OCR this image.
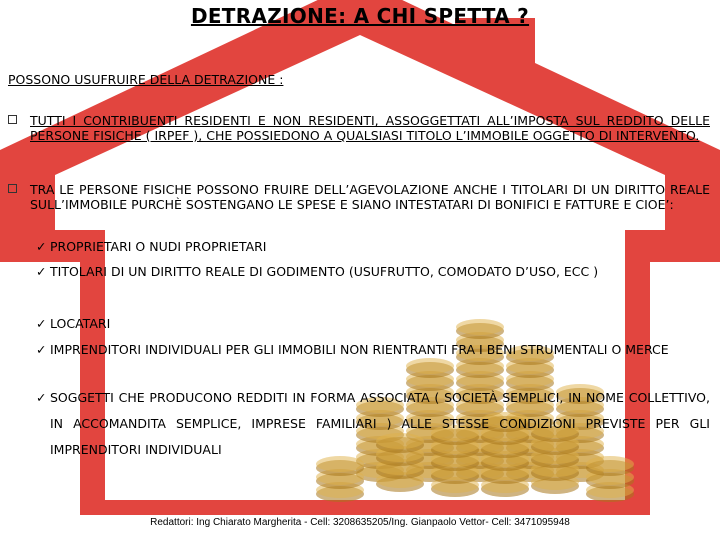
DETRAZIONE: A CHI SPETTA ?
POSSONO USUFRUIRE DELLA DETRAZIONE :
TUTTI I CONTRIBUENTI RESIDENTI E NON RESIDENTI, ASSOGGETTATI ALL’IMPOSTA SUL REDDITO DELLE PERSONE FISICHE ( IRPEF ), CHE POSSIEDONO A QUALSIASI TITOLO L’IMMOBILE OGGETTO DI INTERVENTO.
TRA LE PERSONE FISICHE POSSONO FRUIRE DELL’AGEVOLAZIONE ANCHE I TITOLARI DI UN DIRITTO REALE SULL’IMMOBILE PURCHÈ SOSTENGANO LE SPESE E SIANO INTESTATARI DI BONIFICI E FATTURE E CIOE’:
✓ PROPRIETARI O NUDI PROPRIETARI
✓ TITOLARI DI UN DIRITTO REALE DI GODIMENTO (USUFRUTTO, COMODATO D’USO, ECC )
✓ LOCATARI
✓ IMPRENDITORI INDIVIDUALI PER GLI IMMOBILI NON RIENTRANTI FRA I BENI STRUMENTALI O MERCE
✓ SOGGETTI CHE PRODUCONO REDDITI IN FORMA ASSOCIATA ( SOCIETÀ SEMPLICI, IN NOME COLLETTIVO, IN ACCOMANDITA SEMPLICE, IMPRESE FAMILIARI ) ALLE STESSE CONDIZIONI PREVISTE PER GLI IMPRENDITORI INDIVIDUALI
Redattori: Ing Chiarato Margherita - Cell: 3208635205/Ing. Gianpaolo Vettor- Cell: 3471095948
